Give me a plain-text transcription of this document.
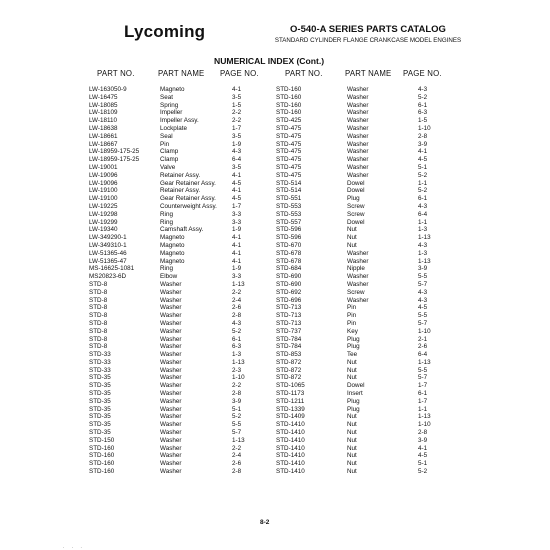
Lycoming	O-540-A SERIES PARTS CATALOG
STANDARD CYLINDER FLANGE CRANKCASE MODEL ENGINES
NUMERICAL INDEX (Cont.)
PART NO.	PART NAME PAGE NO.	PART NO.	PART NAME PAGE NO.
LW-163050-9	Magneto	4-1	STD-160	Washer	4-3
LW-16475	Seat	3-5	STD-160	Washer	5-2
LW-18085	Spring	1-5	STD-160	Washer	6-1
LW-18109	Impeller	2-2	STD-160	Washer	6-3
LW-18110	Impeller Assy.	2-2	STD-425	Washer	1-5
LW-18638	Lockplate	1-7	STD-475	Washer	1-10
LW-18661	Seal	3-5	STD-475	Washer	2-8
LW-18667	Pin	1-9	STD-475	Washer	3-9
LW-18959-175-25	Clamp	4-3	STD-475	Washer	4-1
LW-18959-175-25	Clamp	6-4	STD-475	Washer	4-5
LW-19001	Valve	3-5	STD-475	Washer	5-1
LW-19096	Retainer Assy.	4-1	STD-475	Washer	5-2
LW-19096	Gear Retainer Assy.	4-5	STD-514	Dowel	1-1
LW-19100	Retainer Assy.	4-1	STD-514	Dowel	5-2
LW-19100	Gear Retainer Assy.	4-5	STD-551	Plug	6-1
LW-19225	Counterweight Assy. 1-7	STD-553	Screw	4-3
LW-19298	Ring	3-3	STD-553	Screw	6-4
LW-19299	Ring	3-3	STD-557	Dowel	1-1
LW-19340	Camshaft Assy.	1-9	STD-596	Nut	1-3
LW-349290-1	Magneto	4-1	STD-596	Nut	1-13
LW-349310-1	Magneto	4-1	STD-670	Nut	4-3
LW-51365-46	Magneto	4-1	STD-678	Washer	1-3
LW-51365-47	Magneto	4-1	STD-678	Washer	1-13
MS-16625-1081	Ring	1-9	STD-684	Nipple	3-9
MS20823-6D	Elbow	3-3	STD-690	Washer	5-5
STD-8	Washer	1-13	STD-690	Washer	5-7
STD-8	Washer	2-2	STD-692	Screw	4-3
STD-8	Washer	2-4	STD-696	Washer	4-3
STD-8	Washer	2-6	STD-713	Pin	4-5
STD-8	Washer	2-8	STD-713	Pin	5-5
STD-8	Washer	4-3	STD-713	Pin	5-7
STD-8	Washer	5-2	STD-737	Key	1-10
STD-8	Washer	6-1	STD-784	Plug	2-1
STD-8	Washer	6-3	STD-784	Plug	2-6
STD-33	Washer	1-3	STD-853	Tee	6-4
STD-33	Washer	1-13	STD-872	Nut	1-13
STD-33	Washer	2-3	STD-872	Nut	5-5
STD-35	Washer	1-10	STD-872	Nut	5-7
STD-35	Washer	2-2	STD-1065	Dowel	1-7
STD-35	Washer	2-8	STD-1173	Insert	6-1
STD-35	Washer	3-9	STD-1211	Plug	1-7
STD-35	Washer	5-1	STD-1339	Plug	1-1
STD-35	Washer	5-2	STD-1409	Nut	1-13
STD-35	Washer	5-5	STD-1410	Nut	1-10
STD-35	Washer	5-7	STD-1410	Nut	2-8
STD-150	Washer	1-13	STD-1410	Nut	3-9
STD-160	Washer	2-2	STD-1410	Nut	4-1
STD-160	Washer	2-4	STD-1410	Nut	4-5
STD-160	Washer	2-6	STD-1410	Nut	5-1
STD-160	Washer	2-8	STD-1410	Nut	5-2
8-2
. . .
